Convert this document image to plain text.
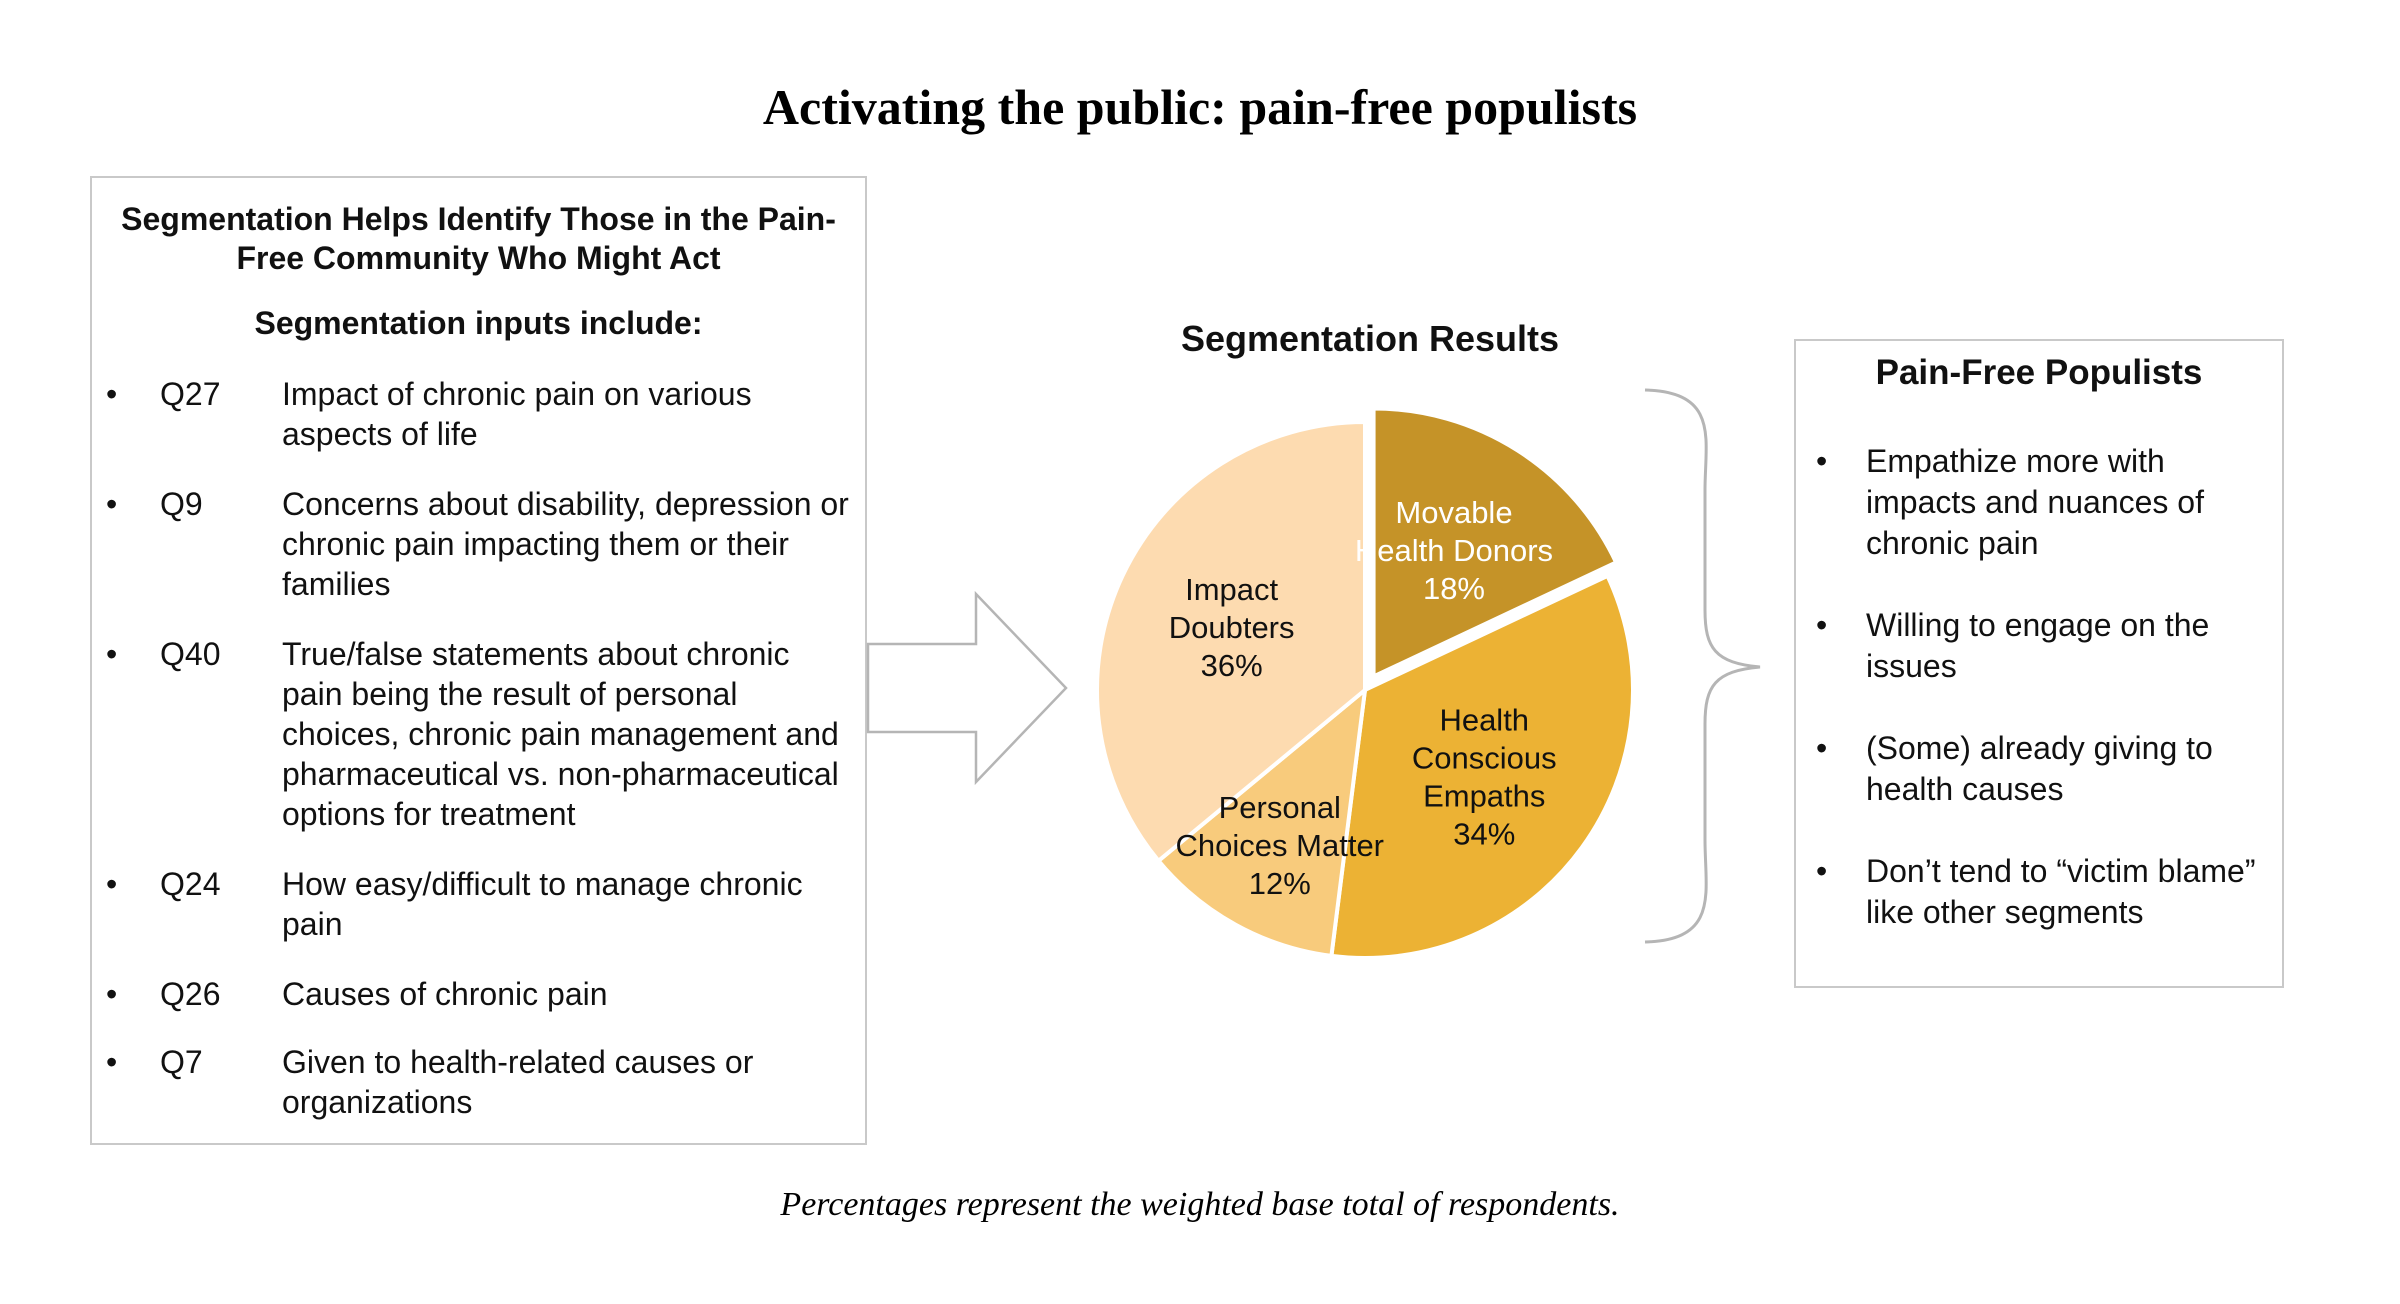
Activating the public: pain-free populists
Segmentation Helps Identify Those in the Pain-Free Community Who Might Act
Segmentation inputs include:
• Q27 Impact of chronic pain on various aspects of life
• Q9 Concerns about disability, depression or chronic pain impacting them or their families
• Q40 True/false statements about chronic pain being the result of personal choices, chronic pain management and pharmaceutical vs. non-pharmaceutical options for treatment
• Q24 How easy/difficult to manage chronic pain
• Q26 Causes of chronic pain
• Q7 Given to health-related causes or organizations
Segmentation Results
Movable Health Donors 18%
Health Conscious Empaths 34%
Personal Choices Matter 12%
Impact Doubters 36%
Pain-Free Populists
• Empathize more with impacts and nuances of chronic pain
• Willing to engage on the issues
• (Some) already giving to health causes
• Don’t tend to “victim blame” like other segments
Percentages represent the weighted base total of respondents.
